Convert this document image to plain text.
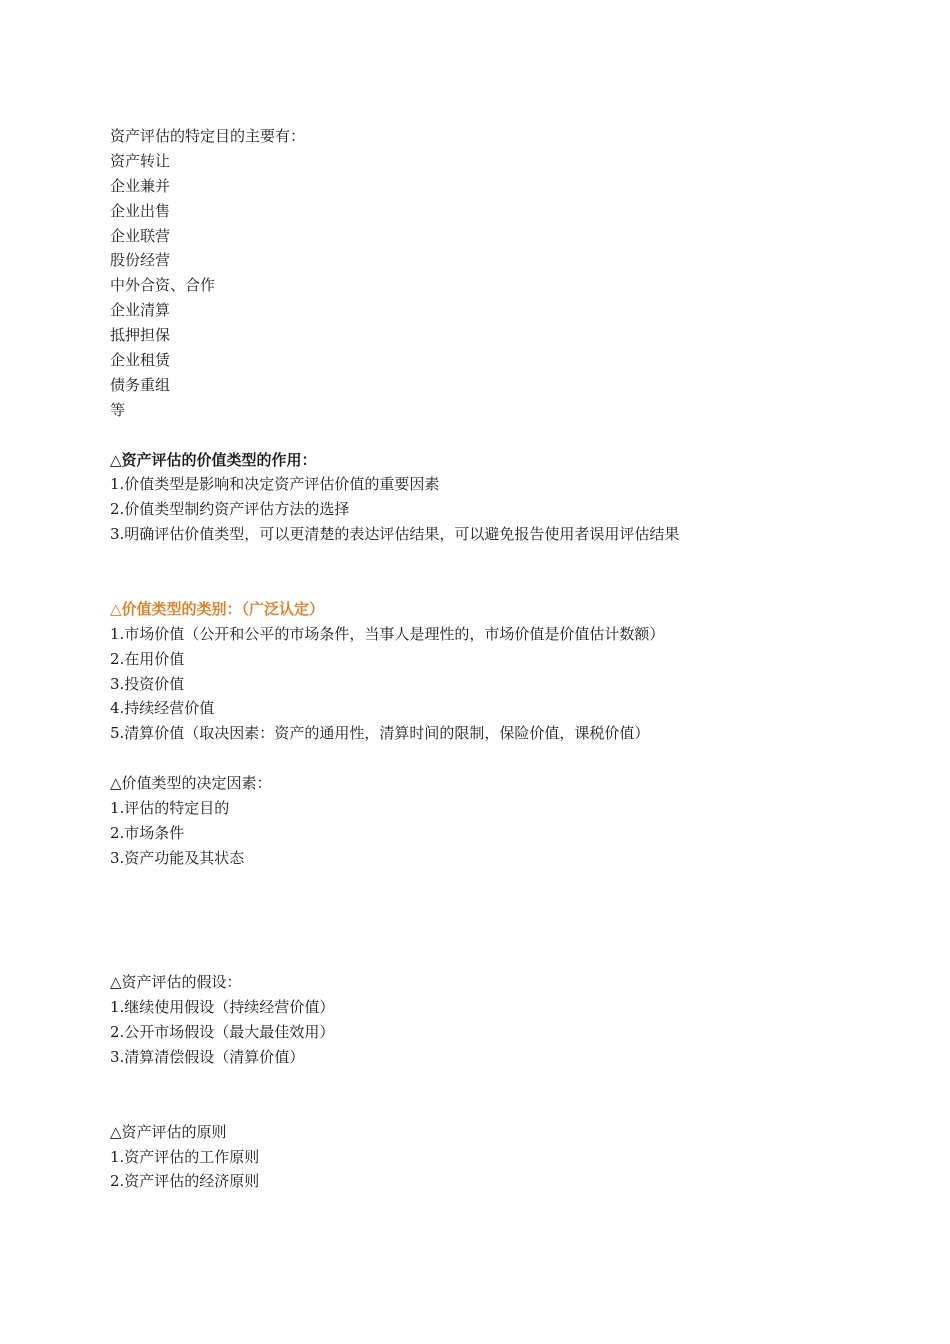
资产评估的特定目的主要有：
资产转让
企业兼并
企业出售
企业联营
股份经营
中外合资、合作
企业清算
抵押担保
企业租赁
债务重组
等
△资产评估的价值类型的作用：
1.价值类型是影响和决定资产评估价值的重要因素
2.价值类型制约资产评估方法的选择
3.明确评估价值类型，可以更清楚的表达评估结果，可以避免报告使用者误用评估结果
△价值类型的类别：（广泛认定）
1.市场价值（公开和公平的市场条件，当事人是理性的，市场价值是价值估计数额）
2.在用价值
3.投资价值
4.持续经营价值
5.清算价值（取决因素：资产的通用性，清算时间的限制，保险价值，课税价值）
△价值类型的决定因素：
1.评估的特定目的
2.市场条件
3.资产功能及其状态
△资产评估的假设：
1.继续使用假设（持续经营价值）
2.公开市场假设（最大最佳效用）
3.清算清偿假设（清算价值）
△资产评估的原则
1.资产评估的工作原则
2.资产评估的经济原则
